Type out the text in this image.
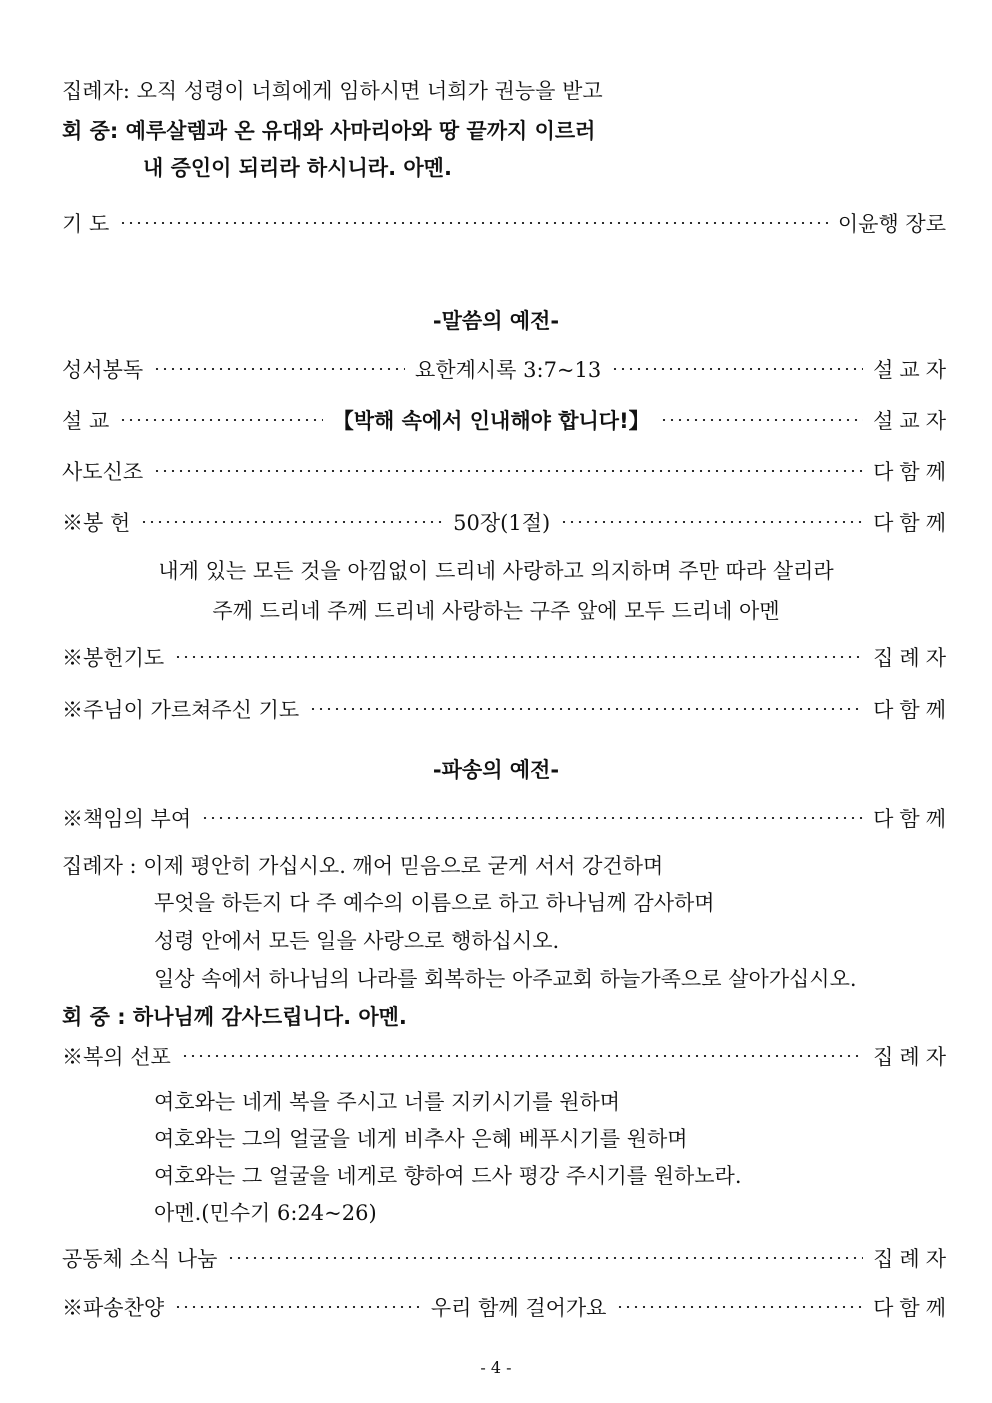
집례자: 오직 성령이 너희에게 임하시면 너희가 권능을 받고
회 중: 예루살렘과 온 유대와 사마리아와 땅 끝까지 이르러
내 증인이 되리라 하시니라. 아멘.
기 도	이윤행 장로
-말씀의 예전-
성서봉독	요한계시록 3:7~13	설교자
설 교	【박해 속에서 인내해야 합니다!】	설교자
사도신조	다함께
※봉 헌	50장(1절)	다함께
내게 있는 모든 것을 아낌없이 드리네 사랑하고 의지하며 주만 따라 살리라
주께 드리네 주께 드리네 사랑하는 구주 앞에 모두 드리네 아멘
※봉헌기도	집례자
※주님이 가르쳐주신 기도	다함께
-파송의 예전-
※책임의 부여	다함께
집례자 : 이제 평안히 가십시오. 깨어 믿음으로 굳게 서서 강건하며
무엇을 하든지 다 주 예수의 이름으로 하고 하나님께 감사하며
성령 안에서 모든 일을 사랑으로 행하십시오.
일상 속에서 하나님의 나라를 회복하는 아주교회 하늘가족으로 살아가십시오.
회 중 : 하나님께 감사드립니다. 아멘.
※복의 선포	집례자
여호와는 네게 복을 주시고 너를 지키시기를 원하며
여호와는 그의 얼굴을 네게 비추사 은혜 베푸시기를 원하며
여호와는 그 얼굴을 네게로 향하여 드사 평강 주시기를 원하노라.
아멘.(민수기 6:24~26)
공동체 소식 나눔	집례자
※파송찬양	우리 함께 걸어가요	다함께
- 4 -
